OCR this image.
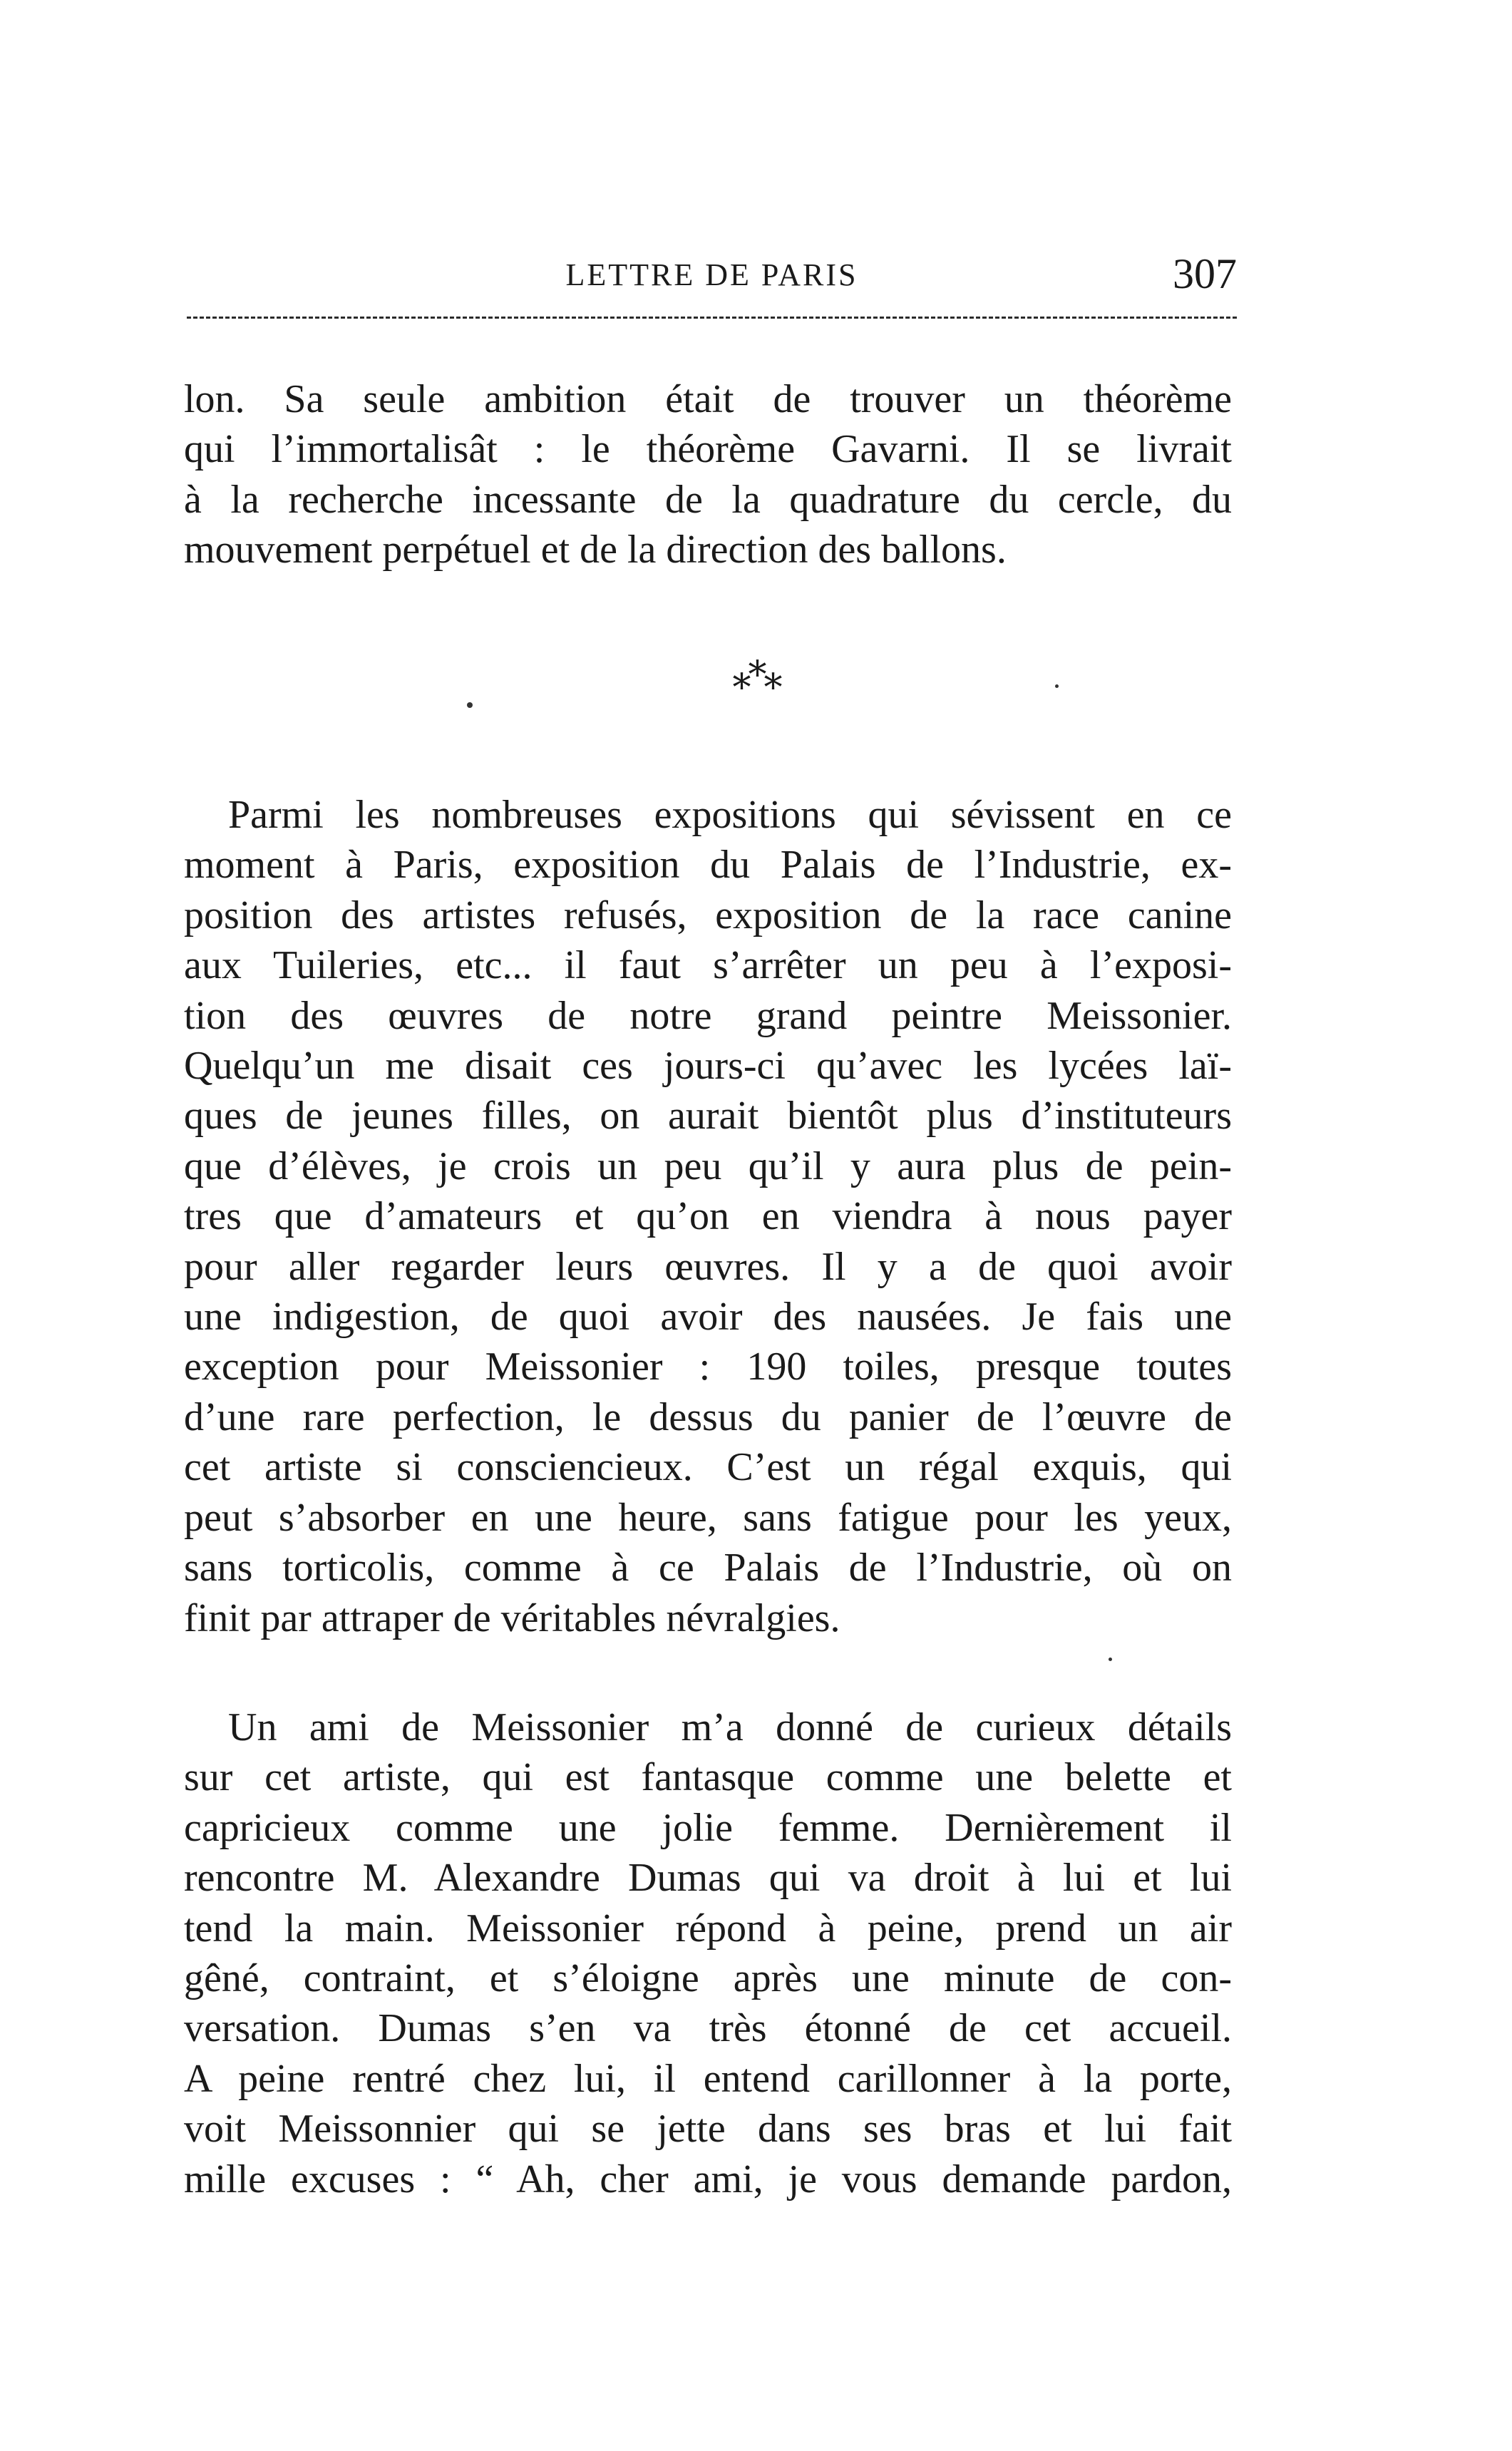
LETTRE DE PARIS	307
lon. Sa seule ambition était de trouver un théorème
qui l’immortalisât : le théorème Gavarni. Il se livrait
à la recherche incessante de la quadrature du cercle, du
mouvement perpétuel et de la direction des ballons.
***
Parmi les nombreuses expositions qui sévissent en ce
moment à Paris, exposition du Palais de l’Industrie, ex-
position des artistes refusés, exposition de la race canine
aux Tuileries, etc... il faut s’arrêter un peu à l’exposi-
tion des œuvres de notre grand peintre Meissonier.
Quelqu’un me disait ces jours-ci qu’avec les lycées laï-
ques de jeunes filles, on aurait bientôt plus d’instituteurs
que d’élèves, je crois un peu qu’il y aura plus de pein-
tres que d’amateurs et qu’on en viendra à nous payer
pour aller regarder leurs œuvres. Il y a de quoi avoir
une indigestion, de quoi avoir des nausées. Je fais une
exception pour Meissonier : 190 toiles, presque toutes
d’une rare perfection, le dessus du panier de l’œuvre de
cet artiste si consciencieux. C’est un régal exquis, qui
peut s’absorber en une heure, sans fatigue pour les yeux,
sans torticolis, comme à ce Palais de l’Industrie, où on
finit par attraper de véritables névralgies.
Un ami de Meissonier m’a donné de curieux détails
sur cet artiste, qui est fantasque comme une belette et
capricieux comme une jolie femme. Dernièrement il
rencontre M. Alexandre Dumas qui va droit à lui et lui
tend la main. Meissonier répond à peine, prend un air
gêné, contraint, et s’éloigne après une minute de con-
versation. Dumas s’en va très étonné de cet accueil.
A peine rentré chez lui, il entend carillonner à la porte,
voit Meissonnier qui se jette dans ses bras et lui fait
mille excuses : “ Ah, cher ami, je vous demande pardon,
